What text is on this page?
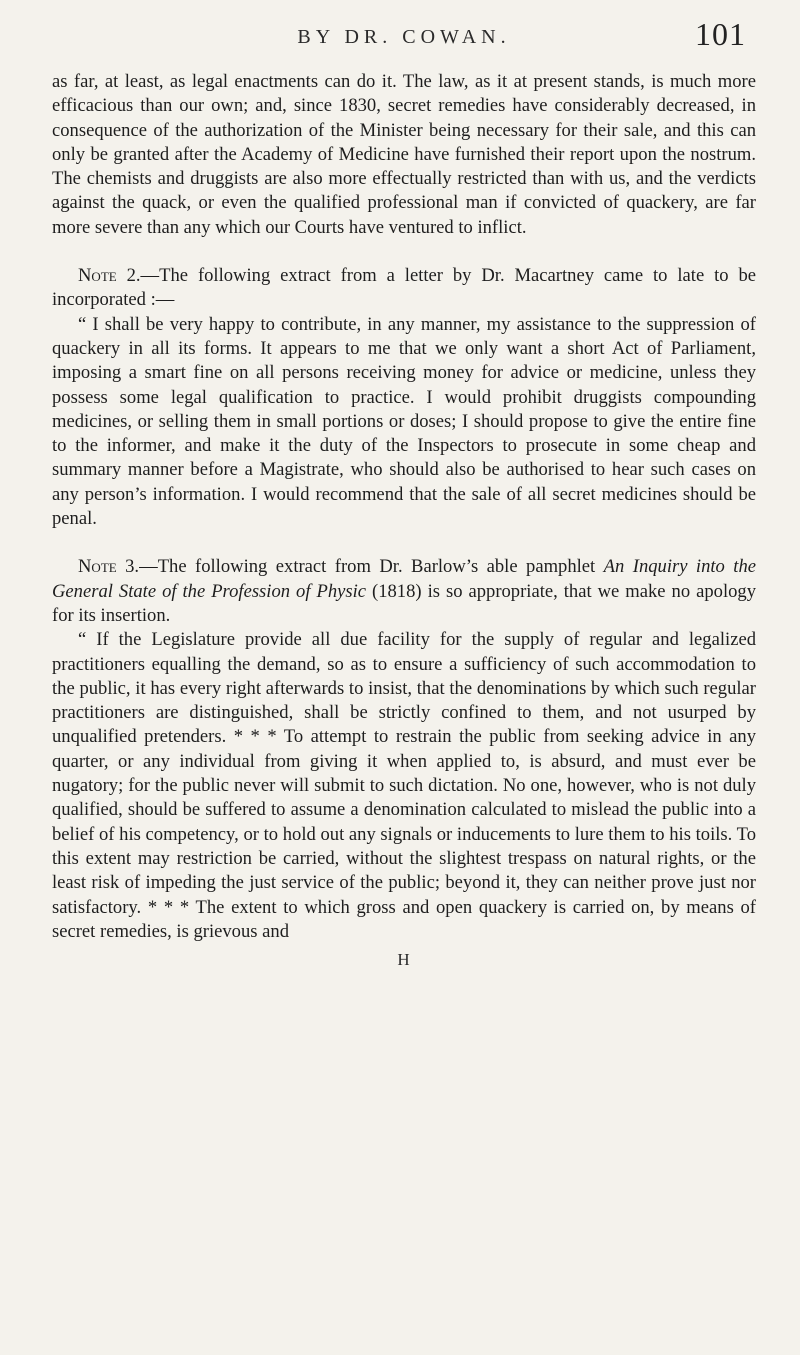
BY DR. COWAN.	101

as far, at least, as legal enactments can do it. The law, as it at present stands, is much more efficacious than our own; and, since 1830, secret remedies have considerably decreased, in consequence of the authorization of the Minister being necessary for their sale, and this can only be granted after the Academy of Medicine have furnished their report upon the nostrum. The chemists and druggists are also more effectually restricted than with us, and the verdicts against the quack, or even the qualified professional man if convicted of quackery, are far more severe than any which our Courts have ventured to inflict.

Note 2.—The following extract from a letter by Dr. Macartney came to late to be incorporated :—

“ I shall be very happy to contribute, in any manner, my assistance to the suppression of quackery in all its forms. It appears to me that we only want a short Act of Parliament, imposing a smart fine on all persons receiving money for advice or medicine, unless they possess some legal qualification to practice. I would prohibit druggists compounding medicines, or selling them in small portions or doses; I should propose to give the entire fine to the informer, and make it the duty of the Inspectors to prosecute in some cheap and summary manner before a Magistrate, who should also be authorised to hear such cases on any person’s information. I would recommend that the sale of all secret medicines should be penal.

Note 3.—The following extract from Dr. Barlow’s able pamphlet An Inquiry into the General State of the Profession of Physic (1818) is so appropriate, that we make no apology for its insertion.

“ If the Legislature provide all due facility for the supply of regular and legalized practitioners equalling the demand, so as to ensure a sufficiency of such accommodation to the public, it has every right afterwards to insist, that the denominations by which such regular practitioners are distinguished, shall be strictly confined to them, and not usurped by unqualified pretenders. * * * To attempt to restrain the public from seeking advice in any quarter, or any individual from giving it when applied to, is absurd, and must ever be nugatory; for the public never will submit to such dictation. No one, however, who is not duly qualified, should be suffered to assume a denomination calculated to mislead the public into a belief of his competency, or to hold out any signals or inducements to lure them to his toils. To this extent may restriction be carried, without the slightest trespass on natural rights, or the least risk of impeding the just service of the public; beyond it, they can neither prove just nor satisfactory. * * * The extent to which gross and open quackery is carried on, by means of secret remedies, is grievous and

H
